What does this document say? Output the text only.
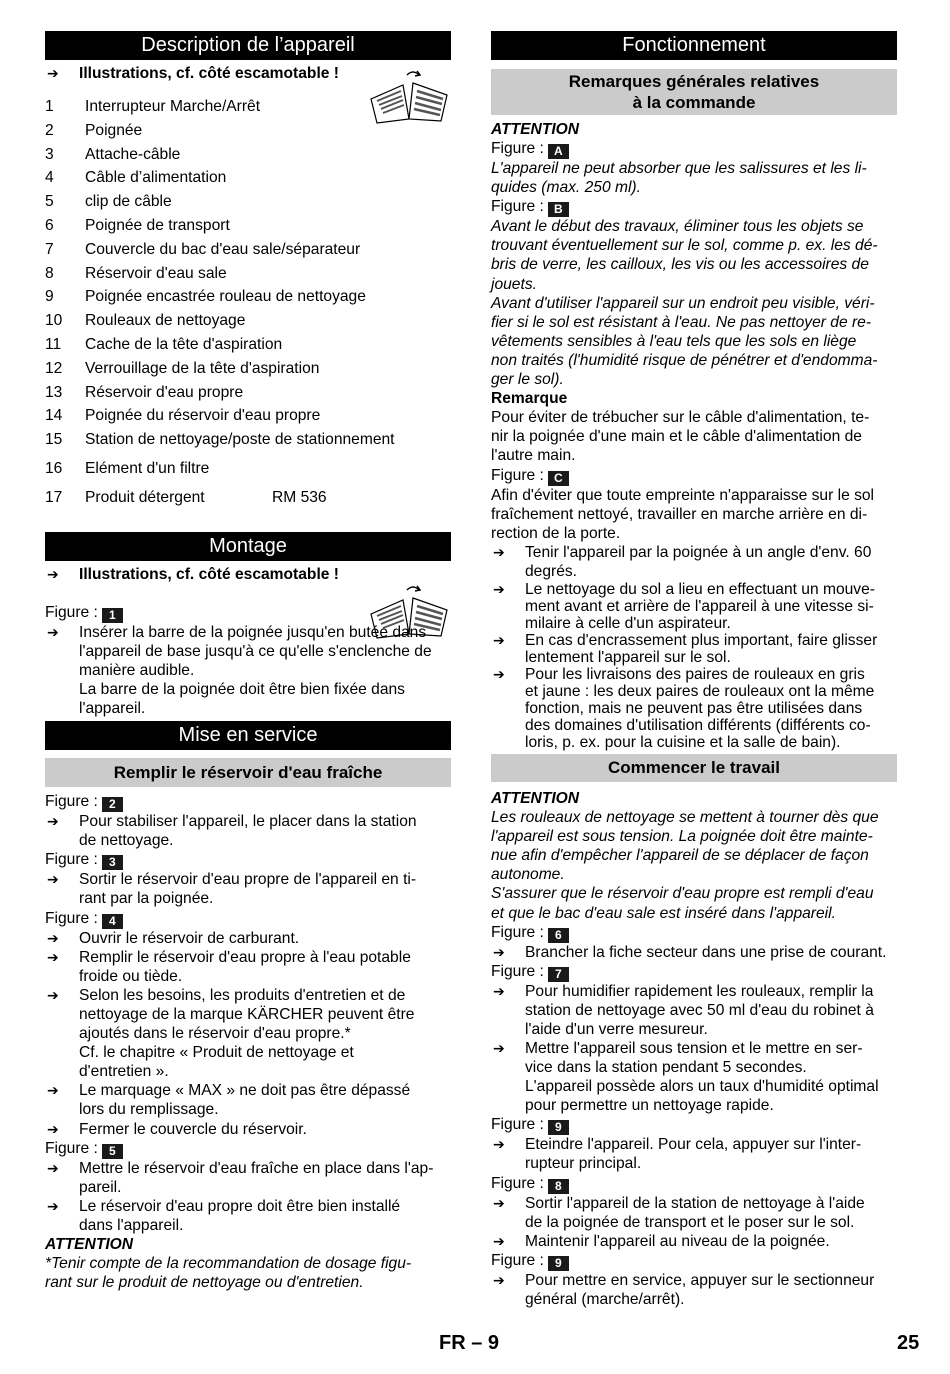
Description de l’appareil
➔	Illustrations, cf. côté escamotable !
1 Interrupteur Marche/Arrêt
2 Poignée
3 Attache-câble
4 Câble d’alimentation
5 clip de câble
6 Poignée de transport
7 Couvercle du bac d'eau sale/séparateur
8 Réservoir d'eau sale
9 Poignée encastrée rouleau de nettoyage
10 Rouleaux de nettoyage
11 Cache de la tête d'aspiration
12 Verrouillage de la tête d'aspiration
13 Réservoir d'eau propre
14 Poignée du réservoir d'eau propre
15 Station de nettoyage/poste de stationnement
16 Elément d'un filtre
17 Produit détergent	RM 536
Montage
➔	Illustrations, cf. côté escamotable !
Figure : 1
➔	Insérer la barre de la poignée jusqu'en butée dans
l'appareil de base jusqu'à ce qu'elle s'enclenche de
manière audible.
La barre de la poignée doit être bien fixée dans
l'appareil.
Mise en service
Remplir le réservoir d'eau fraîche
Figure : 2
➔	Pour stabiliser l'appareil, le placer dans la station
de nettoyage.
Figure : 3
➔	Sortir le réservoir d'eau propre de l'appareil en ti-
rant par la poignée.
Figure : 4
➔	Ouvrir le réservoir de carburant.
➔	Remplir le réservoir d'eau propre à l'eau potable
froide ou tiède.
➔	Selon les besoins, les produits d'entretien et de
nettoyage de la marque KÄRCHER peuvent être
ajoutés dans le réservoir d'eau propre.*
Cf. le chapitre « Produit de nettoyage et
d'entretien ».
➔	Le marquage « MAX » ne doit pas être dépassé
lors du remplissage.
➔	Fermer le couvercle du réservoir.
Figure : 5
➔	Mettre le réservoir d'eau fraîche en place dans l'ap-
pareil.
➔	Le réservoir d'eau propre doit être bien installé
dans l'appareil.
ATTENTION
*Tenir compte de la recommandation de dosage figu-
rant sur le produit de nettoyage ou d'entretien.
Fonctionnement
Remarques générales relatives
à la commande
ATTENTION
Figure : A
L'appareil ne peut absorber que les salissures et les li-
quides (max. 250 ml).
Figure : B
Avant le début des travaux, éliminer tous les objets se
trouvant éventuellement sur le sol, comme p. ex. les dé-
bris de verre, les cailloux, les vis ou les accessoires de
jouets.
Avant d'utiliser l'appareil sur un endroit peu visible, véri-
fier si le sol est résistant à l'eau. Ne pas nettoyer de re-
vêtements sensibles à l'eau tels que les sols en liège
non traités (l'humidité risque de pénétrer et d'endomma-
ger le sol).
Remarque
Pour éviter de trébucher sur le câble d'alimentation, te-
nir la poignée d'une main et le câble d'alimentation de
l'autre main.
Figure : C
Afin d'éviter que toute empreinte n'apparaisse sur le sol
fraîchement nettoyé, travailler en marche arrière en di-
rection de la porte.
➔	Tenir l'appareil par la poignée à un angle d'env. 60
degrés.
➔	Le nettoyage du sol a lieu en effectuant un mouve-
ment avant et arrière de l'appareil à une vitesse si-
milaire à celle d'un aspirateur.
➔	En cas d'encrassement plus important, faire glisser
lentement l'appareil sur le sol.
➔	Pour les livraisons des paires de rouleaux en gris
et jaune : les deux paires de rouleaux ont la même
fonction, mais ne peuvent pas être utilisées dans
des domaines d'utilisation différents (différents co-
loris, p. ex. pour la cuisine et la salle de bain).
Commencer le travail
ATTENTION
Les rouleaux de nettoyage se mettent à tourner dès que
l'appareil est sous tension. La poignée doit être mainte-
nue afin d'empêcher l'appareil de se déplacer de façon
autonome.
S'assurer que le réservoir d'eau propre est rempli d'eau
et que le bac d'eau sale est inséré dans l'appareil.
Figure : 6
➔	Brancher la fiche secteur dans une prise de courant.
Figure : 7
➔	Pour humidifier rapidement les rouleaux, remplir la
station de nettoyage avec 50 ml d'eau du robinet à
l'aide d'un verre mesureur.
➔	Mettre l'appareil sous tension et le mettre en ser-
vice dans la station pendant 5 secondes.
L'appareil possède alors un taux d'humidité optimal
pour permettre un nettoyage rapide.
Figure : 9
➔	Eteindre l'appareil. Pour cela, appuyer sur l'inter-
rupteur principal.
Figure : 8
➔	Sortir l'appareil de la station de nettoyage à l'aide
de la poignée de transport et le poser sur le sol.
➔	Maintenir l'appareil au niveau de la poignée.
Figure : 9
➔	Pour mettre en service, appuyer sur le sectionneur
général (marche/arrêt).
FR – 9	25
